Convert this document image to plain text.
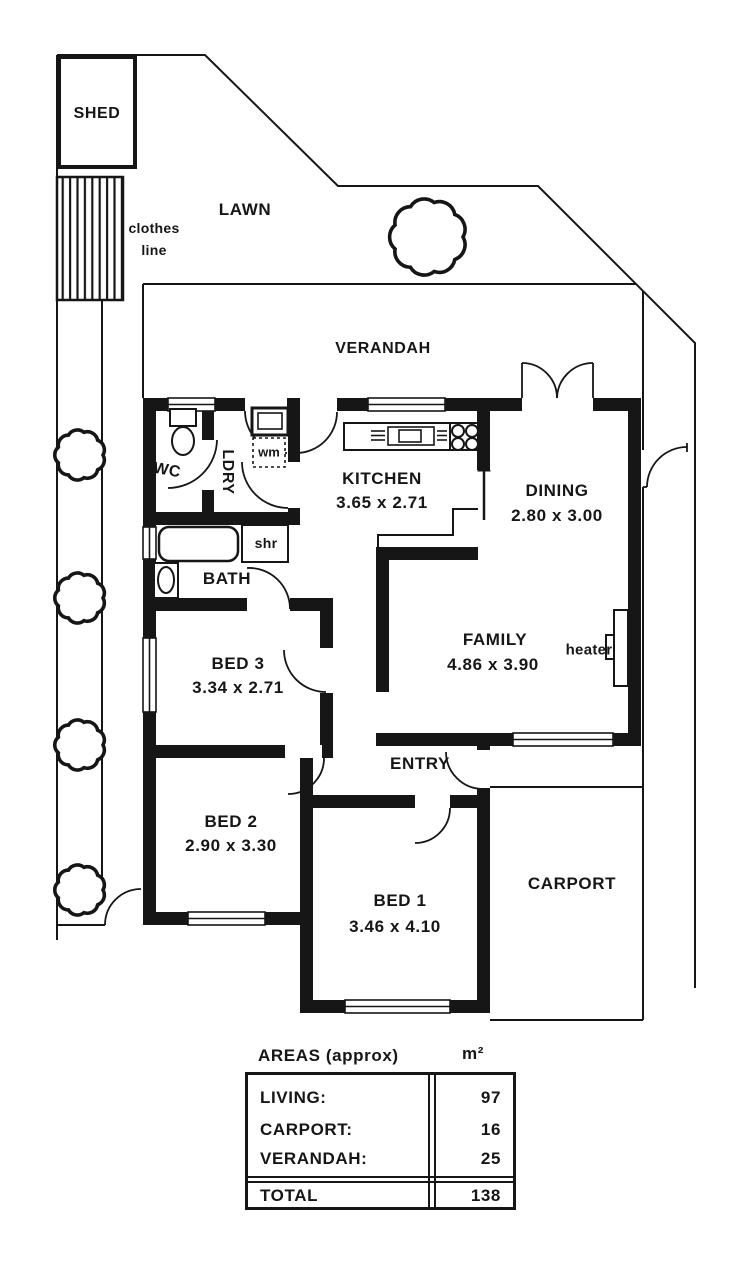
SHED
clothes
line
LAWN
VERANDAH
WC LDRY wm
KITCHEN
3.65 x 2.71
DINING
2.80 x 3.00
shr
BATH
FAMILY
4.86 x 3.90
heater
BED 3
3.34 x 2.71
ENTRY
BED 2
2.90 x 3.30
CARPORT
BED 1
3.46 x 4.10
AREAS (approx)	m²
LIVING:	97
CARPORT:	16
VERANDAH:	25
TOTAL	138
